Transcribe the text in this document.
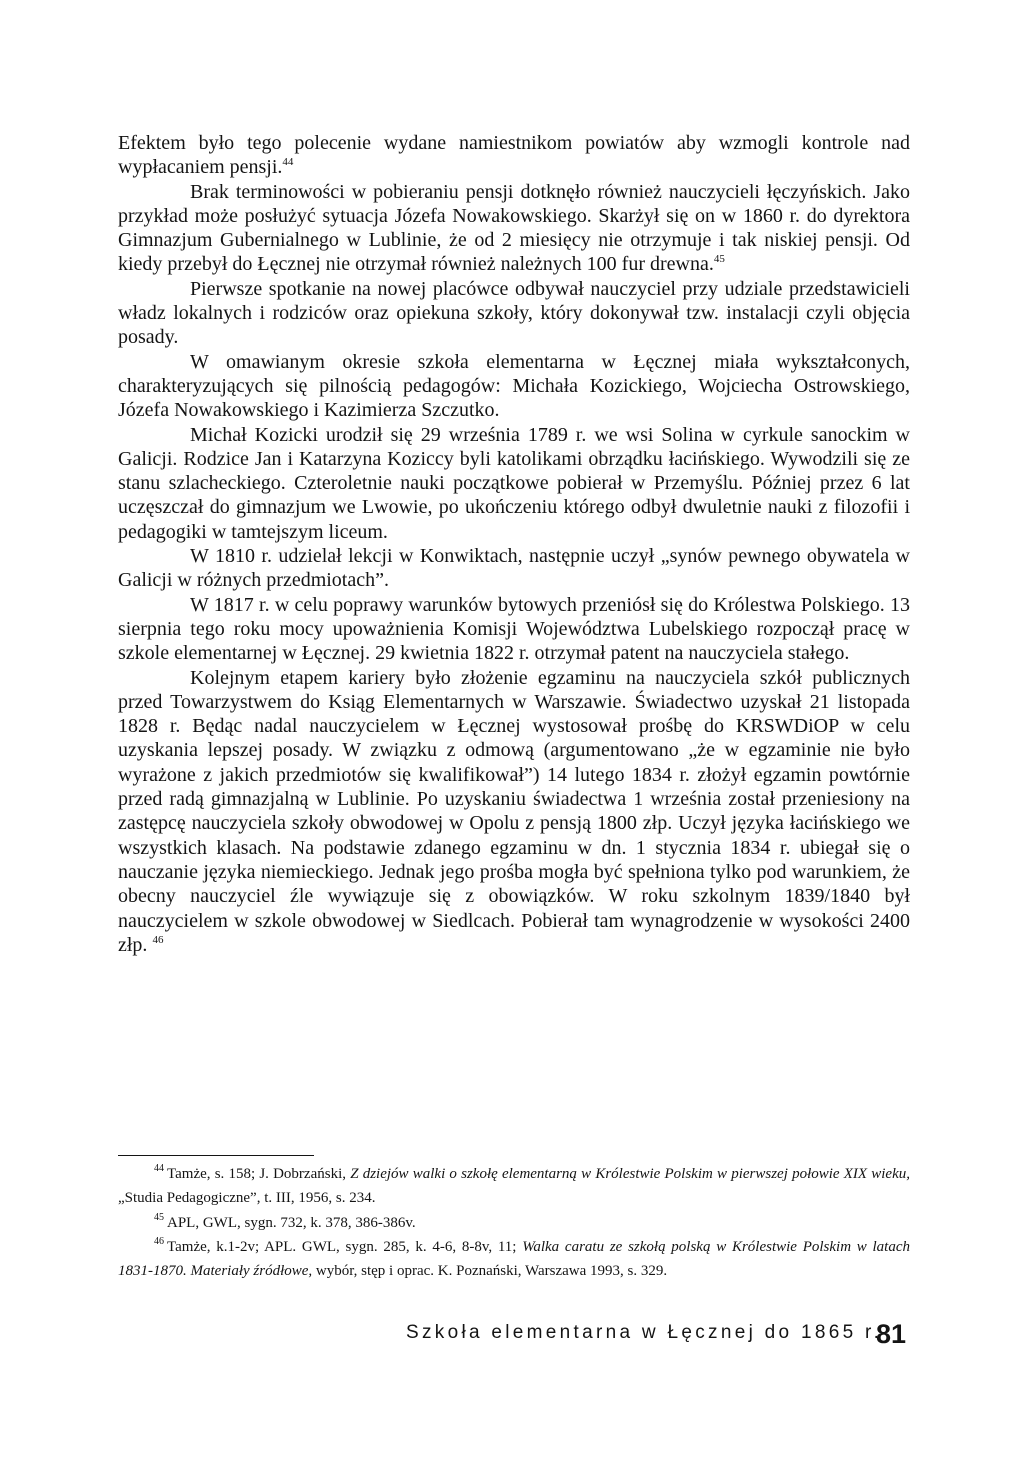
Efektem było tego polecenie wydane namiestnikom powiatów aby wzmogli kontrole nad wypłacaniem pensji.$^{44}$

Brak terminowości w pobieraniu pensji dotknęło również nauczycieli łęczyńskich. Jako przykład może posłużyć sytuacja Józefa Nowakowskiego. Skarżył się on w 1860 r. do dyrektora Gimnazjum Gubernialnego w Lublinie, że od 2 miesięcy nie otrzymuje i tak niskiej pensji. Od kiedy przebył do Łęcznej nie otrzymał również należnych 100 fur drewna.$^{45}$

Pierwsze spotkanie na nowej placówce odbywał nauczyciel przy udziale przedstawicieli władz lokalnych i rodziców oraz opiekuna szkoły, który dokonywał tzw. instalacji czyli objęcia posady.

W omawianym okresie szkoła elementarna w Łęcznej miała wykształconych, charakteryzujących się pilnością pedagogów: Michała Kozickiego, Wojciecha Ostrowskiego, Józefa Nowakowskiego i Kazimierza Szczutko.

Michał Kozicki urodził się 29 września 1789 r. we wsi Solina w cyrkule sanockim w Galicji. Rodzice Jan i Katarzyna Koziccy byli katolikami obrządku łacińskiego. Wywodzili się ze stanu szlacheckiego. Czteroletnie nauki początkowe pobierał w Przemyślu. Później przez 6 lat uczęszczał do gimnazjum we Lwowie, po ukończeniu którego odbył dwuletnie nauki z filozofii i pedagogiki w tamtejszym liceum.

W 1810 r. udzielał lekcji w Konwiktach, następnie uczył „synów pewnego obywatela w Galicji w różnych przedmiotach”.

W 1817 r. w celu poprawy warunków bytowych przeniósł się do Królestwa Polskiego. 13 sierpnia tego roku mocy upoważnienia Komisji Województwa Lubelskiego rozpoczął pracę w szkole elementarnej w Łęcznej. 29 kwietnia 1822 r. otrzymał patent na nauczyciela stałego.

Kolejnym etapem kariery było złożenie egzaminu na nauczyciela szkół publicznych przed Towarzystwem do Ksiąg Elementarnych w Warszawie. Świadectwo uzyskał 21 listopada 1828 r. Będąc nadal nauczycielem w Łęcznej wystosował prośbę do KRSWDiOP w celu uzyskania lepszej posady. W związku z odmową (argumentowano „że w egzaminie nie było wyrażone z jakich przedmiotów się kwalifikował”) 14 lutego 1834 r. złożył egzamin powtórnie przed radą gimnazjalną w Lublinie. Po uzyskaniu świadectwa 1 września został przeniesiony na zastępcę nauczyciela szkoły obwodowej w Opolu z pensją 1800 złp. Uczył języka łacińskiego we wszystkich klasach. Na podstawie zdanego egzaminu w dn. 1 stycznia 1834 r. ubiegał się o nauczanie języka niemieckiego. Jednak jego prośba mogła być spełniona tylko pod warunkiem, że obecny nauczyciel źle wywiązuje się z obowiązków. W roku szkolnym 1839/1840 był nauczycielem w szkole obwodowej w Siedlcach. Pobierał tam wynagrodzenie w wysokości 2400 złp. $^{46}$

$^{44}$ Tamże, s. 158; J. Dobrzański, Z dziejów walki o szkołę elementarną w Królestwie Polskim w pierwszej połowie XIX wieku, „Studia Pedagogiczne”, t. III, 1956, s. 234.

$^{45}$ APL, GWL, sygn. 732, k. 378, 386-386v.

$^{46}$ Tamże, k.1-2v; APL. GWL, sygn. 285, k. 4-6, 8-8v, 11; Walka caratu ze szkołą polską w Królestwie Polskim w latach 1831-1870. Materiały źródłowe, wybór, stęp i oprac. K. Poznański, Warszawa 1993, s. 329.

Szkoła elementarna w Łęcznej do 1865 r.
81
